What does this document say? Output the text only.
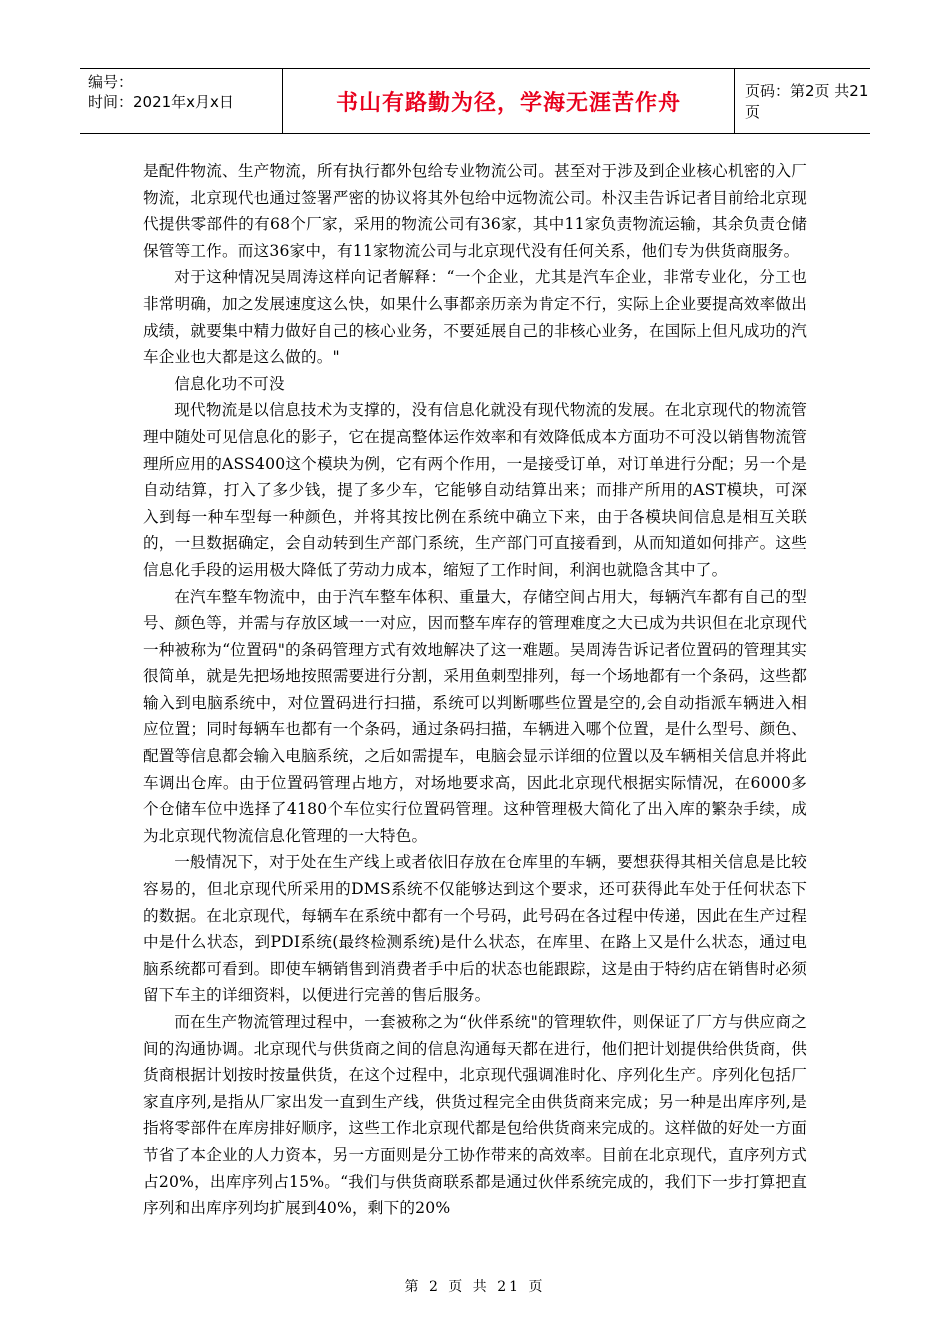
编号：
时间：2021年x月x日	书山有路勤为径，学海无涯苦作舟	页码：第2页 共21页

是配件物流、生产物流，所有执行都外包给专业物流公司。甚至对于涉及到企业核心机密的入厂物流，北京现代也通过签署严密的协议将其外包给中远物流公司。朴汉圭告诉记者目前给北京现代提供零部件的有68个厂家，采用的物流公司有36家，其中11家负责物流运输，其余负责仓储保管等工作。而这36家中，有11家物流公司与北京现代没有任何关系，他们专为供货商服务。

对于这种情况吴周涛这样向记者解释：“一个企业，尤其是汽车企业，非常专业化，分工也非常明确，加之发展速度这么快，如果什么事都亲历亲为肯定不行，实际上企业要提高效率做出成绩，就要集中精力做好自己的核心业务，不要延展自己的非核心业务，在国际上但凡成功的汽车企业也大都是这么做的。"

信息化功不可没

现代物流是以信息技术为支撑的，没有信息化就没有现代物流的发展。在北京现代的物流管理中随处可见信息化的影子，它在提高整体运作效率和有效降低成本方面功不可没以销售物流管理所应用的ASS400这个模块为例，它有两个作用，一是接受订单，对订单进行分配；另一个是自动结算，打入了多少钱，提了多少车，它能够自动结算出来；而排产所用的AST模块，可深入到每一种车型每一种颜色，并将其按比例在系统中确立下来，由于各模块间信息是相互关联的，一旦数据确定，会自动转到生产部门系统，生产部门可直接看到，从而知道如何排产。这些信息化手段的运用极大降低了劳动力成本，缩短了工作时间，利润也就隐含其中了。

在汽车整车物流中，由于汽车整车体积、重量大，存储空间占用大，每辆汽车都有自己的型号、颜色等，并需与存放区域一一对应，因而整车库存的管理难度之大已成为共识但在北京现代一种被称为“位置码"的条码管理方式有效地解决了这一难题。吴周涛告诉记者位置码的管理其实很简单，就是先把场地按照需要进行分割，采用鱼刺型排列，每一个场地都有一个条码，这些都输入到电脑系统中，对位置码进行扫描，系统可以判断哪些位置是空的,会自动指派车辆进入相应位置；同时每辆车也都有一个条码，通过条码扫描，车辆进入哪个位置，是什么型号、颜色、配置等信息都会输入电脑系统，之后如需提车，电脑会显示详细的位置以及车辆相关信息并将此车调出仓库。由于位置码管理占地方，对场地要求高，因此北京现代根据实际情况，在6000多个仓储车位中选择了4180个车位实行位置码管理。这种管理极大简化了出入库的繁杂手续，成为北京现代物流信息化管理的一大特色。

一般情况下，对于处在生产线上或者依旧存放在仓库里的车辆，要想获得其相关信息是比较容易的，但北京现代所采用的DMS系统不仅能够达到这个要求，还可获得此车处于任何状态下的数据。在北京现代，每辆车在系统中都有一个号码，此号码在各过程中传递，因此在生产过程中是什么状态，到PDI系统(最终检测系统)是什么状态，在库里、在路上又是什么状态，通过电脑系统都可看到。即使车辆销售到消费者手中后的状态也能跟踪，这是由于特约店在销售时必须留下车主的详细资料，以便进行完善的售后服务。

而在生产物流管理过程中，一套被称之为“伙伴系统"的管理软件，则保证了厂方与供应商之间的沟通协调。北京现代与供货商之间的信息沟通每天都在进行，他们把计划提供给供货商，供货商根据计划按时按量供货，在这个过程中，北京现代强调准时化、序列化生产。序列化包括厂家直序列,是指从厂家出发一直到生产线，供货过程完全由供货商来完成；另一种是出库序列,是指将零部件在库房排好顺序，这些工作北京现代都是包给供货商来完成的。这样做的好处一方面节省了本企业的人力资本，另一方面则是分工协作带来的高效率。目前在北京现代，直序列方式占20%，出库序列占15%。“我们与供货商联系都是通过伙伴系统完成的，我们下一步打算把直序列和出库序列均扩展到40%，剩下的20%

第 2 页 共 21 页
